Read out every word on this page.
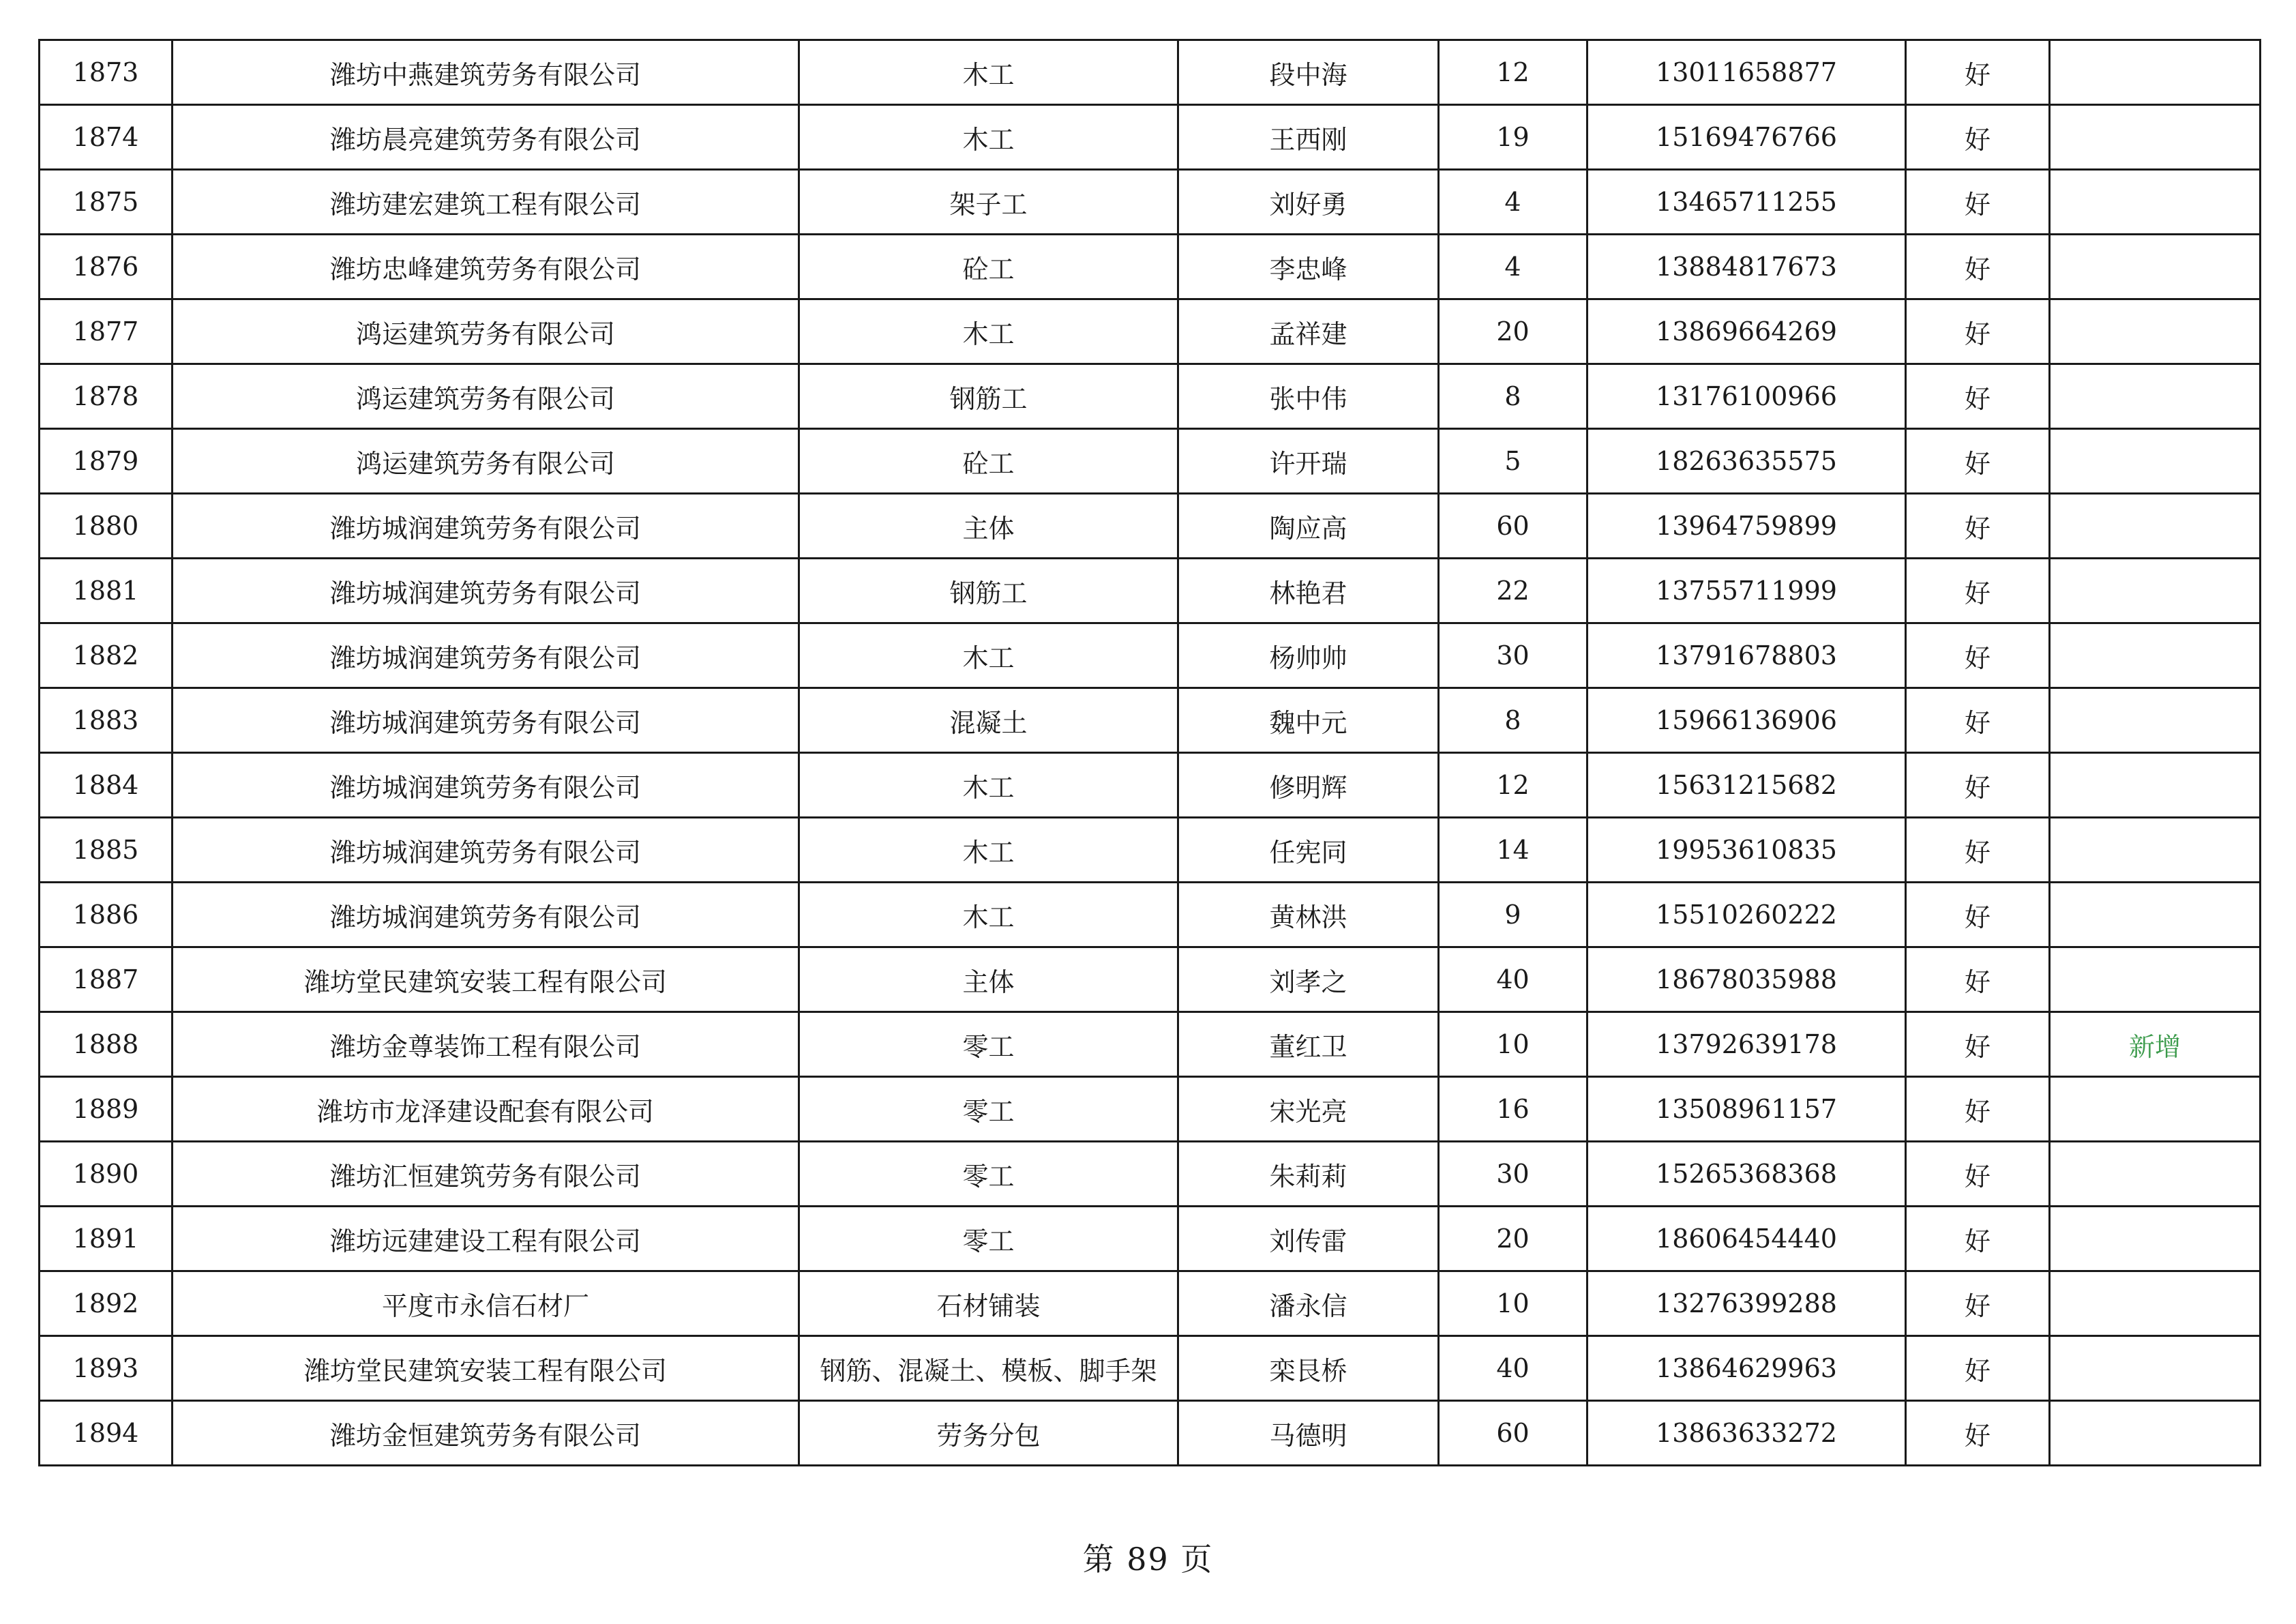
1873	潍坊中燕建筑劳务有限公司	木工	段中海	12	13011658877	好	
1874	潍坊晨亮建筑劳务有限公司	木工	王西刚	19	15169476766	好	
1875	潍坊建宏建筑工程有限公司	架子工	刘好勇	4	13465711255	好	
1876	潍坊忠峰建筑劳务有限公司	砼工	李忠峰	4	13884817673	好	
1877	鸿运建筑劳务有限公司	木工	孟祥建	20	13869664269	好	
1878	鸿运建筑劳务有限公司	钢筋工	张中伟	8	13176100966	好	
1879	鸿运建筑劳务有限公司	砼工	许开瑞	5	18263635575	好	
1880	潍坊城润建筑劳务有限公司	主体	陶应高	60	13964759899	好	
1881	潍坊城润建筑劳务有限公司	钢筋工	林艳君	22	13755711999	好	
1882	潍坊城润建筑劳务有限公司	木工	杨帅帅	30	13791678803	好	
1883	潍坊城润建筑劳务有限公司	混凝土	魏中元	8	15966136906	好	
1884	潍坊城润建筑劳务有限公司	木工	修明辉	12	15631215682	好	
1885	潍坊城润建筑劳务有限公司	木工	任宪同	14	19953610835	好	
1886	潍坊城润建筑劳务有限公司	木工	黄林洪	9	15510260222	好	
1887	潍坊堂民建筑安装工程有限公司	主体	刘孝之	40	18678035988	好	
1888	潍坊金尊装饰工程有限公司	零工	董红卫	10	13792639178	好	新增
1889	潍坊市龙泽建设配套有限公司	零工	宋光亮	16	13508961157	好	
1890	潍坊汇恒建筑劳务有限公司	零工	朱莉莉	30	15265368368	好	
1891	潍坊远建建设工程有限公司	零工	刘传雷	20	18606454440	好	
1892	平度市永信石材厂	石材铺装	潘永信	10	13276399288	好	
1893	潍坊堂民建筑安装工程有限公司	钢筋、混凝土、模板、脚手架	栾艮桥	40	13864629963	好	
1894	潍坊金恒建筑劳务有限公司	劳务分包	马德明	60	13863633272	好	
第 89 页
